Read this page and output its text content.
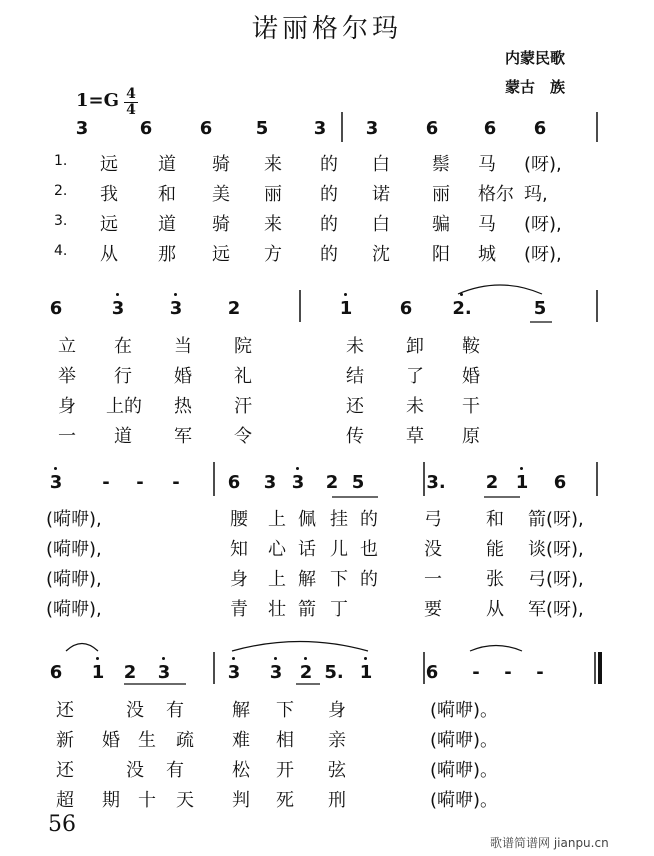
诺丽格尔玛
内蒙民歌
蒙古　族
1=G 4
4
3	6	6	5	3	3	6	6	6
1. 远 道 骑 来 的 白 鬃 马 (呀),
2. 我 和 美 丽 的 诺 丽 格尔 玛,
3. 远 道 骑 来 的 白 骗 马 (呀),
4. 从 那 远 方 的 沈 阳 城 (呀),
6	3	3	2	1	6	2.	5
立 在 当 院	未 卸 鞍
举 行 婚 礼	结 了 婚
身 上的 热 汗	还 未 干
一 道 军 令	传 草 原
3	-	-	-	6	3 3	2 5	3.	2 1	6
(嗬咿),	腰 上 佩 挂 的	弓 和 箭 (呀),
(嗬咿),	知 心 话 儿 也	没 能 谈 (呀),
(嗬咿),	身 上 解 下 的	一 张 弓 (呀),
(嗬咿),	青 壮 箭 丁	要 从 军 (呀),
6	1	2	3	3	3 2 5. 1	6	-	-	-
还	没 有	解 下 身	(嗬咿)。
新 婚 生 疏 难 相 亲	(嗬咿)。
还	没 有	松 开 弦	(嗬咿)。
超 期 十 天 判 死 刑	(嗬咿)。
56
歌谱简谱网 jianpu.cn
